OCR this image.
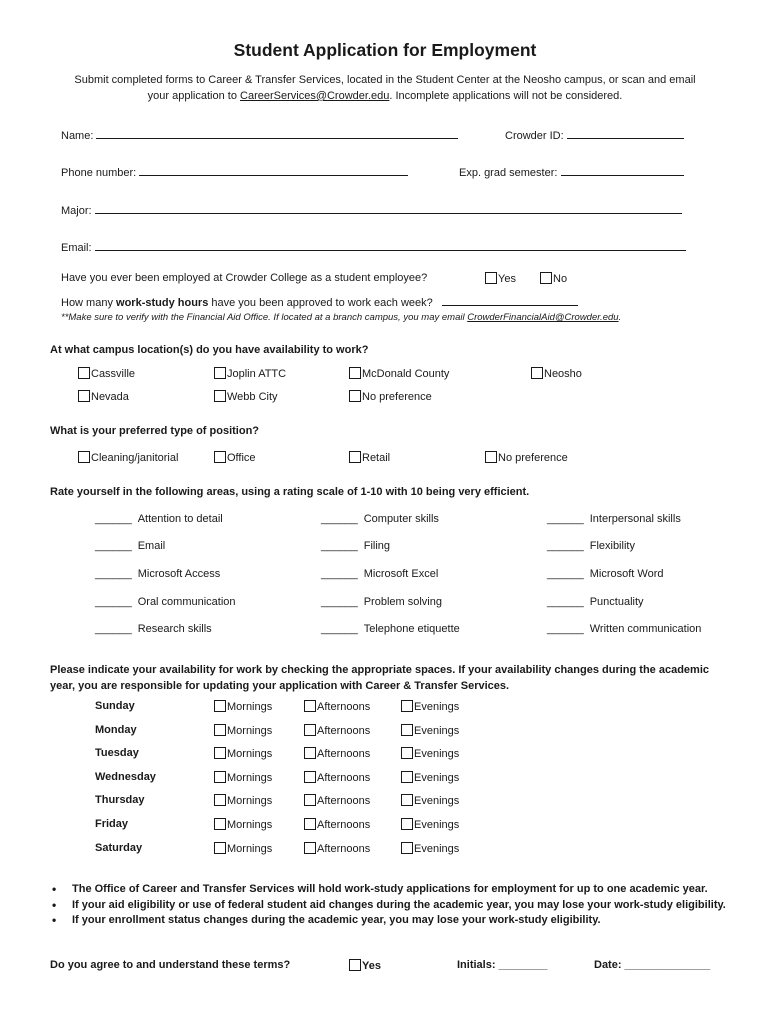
Student Application for Employment
Submit completed forms to Career & Transfer Services, located in the Student Center at the Neosho campus, or scan and email
your application to CareerServices@Crowder.edu. Incomplete applications will not be considered.
Name:	Crowder ID:
Phone number:	Exp. grad semester:
Major:
Email:
Have you ever been employed at Crowder College as a student employee?	Yes	No
How many work-study hours have you been approved to work each week?
**Make sure to verify with the Financial Aid Office. If located at a branch campus, you may email CrowderFinancialAid@Crowder.edu.
At what campus location(s) do you have availability to work?
Cassville	Joplin ATTC	McDonald County	Neosho
Nevada	Webb City	No preference
What is your preferred type of position?
Cleaning/janitorial	Office	Retail	No preference
Rate yourself in the following areas, using a rating scale of 1-10 with 10 being very efficient.
______ Attention to detail	______ Computer skills	______ Interpersonal skills
______ Email	______ Filing	______ Flexibility
______ Microsoft Access	______ Microsoft Excel	______ Microsoft Word
______ Oral communication	______ Problem solving	______ Punctuality
______ Research skills	______ Telephone etiquette	______ Written communication
Please indicate your availability for work by checking the appropriate spaces. If your availability changes during the academic
year, you are responsible for updating your application with Career & Transfer Services.
Sunday	Mornings	Afternoons	Evenings
Monday	Mornings	Afternoons	Evenings
Tuesday	Mornings	Afternoons	Evenings
Wednesday	Mornings	Afternoons	Evenings
Thursday	Mornings	Afternoons	Evenings
Friday	Mornings	Afternoons	Evenings
Saturday	Mornings	Afternoons	Evenings
• The Office of Career and Transfer Services will hold work-study applications for employment for up to one academic year.
• If your aid eligibility or use of federal student aid changes during the academic year, you may lose your work-study eligibility.
• If your enrollment status changes during the academic year, you may lose your work-study eligibility.
Do you agree to and understand these terms?	Yes	Initials: ________	Date: ______________
